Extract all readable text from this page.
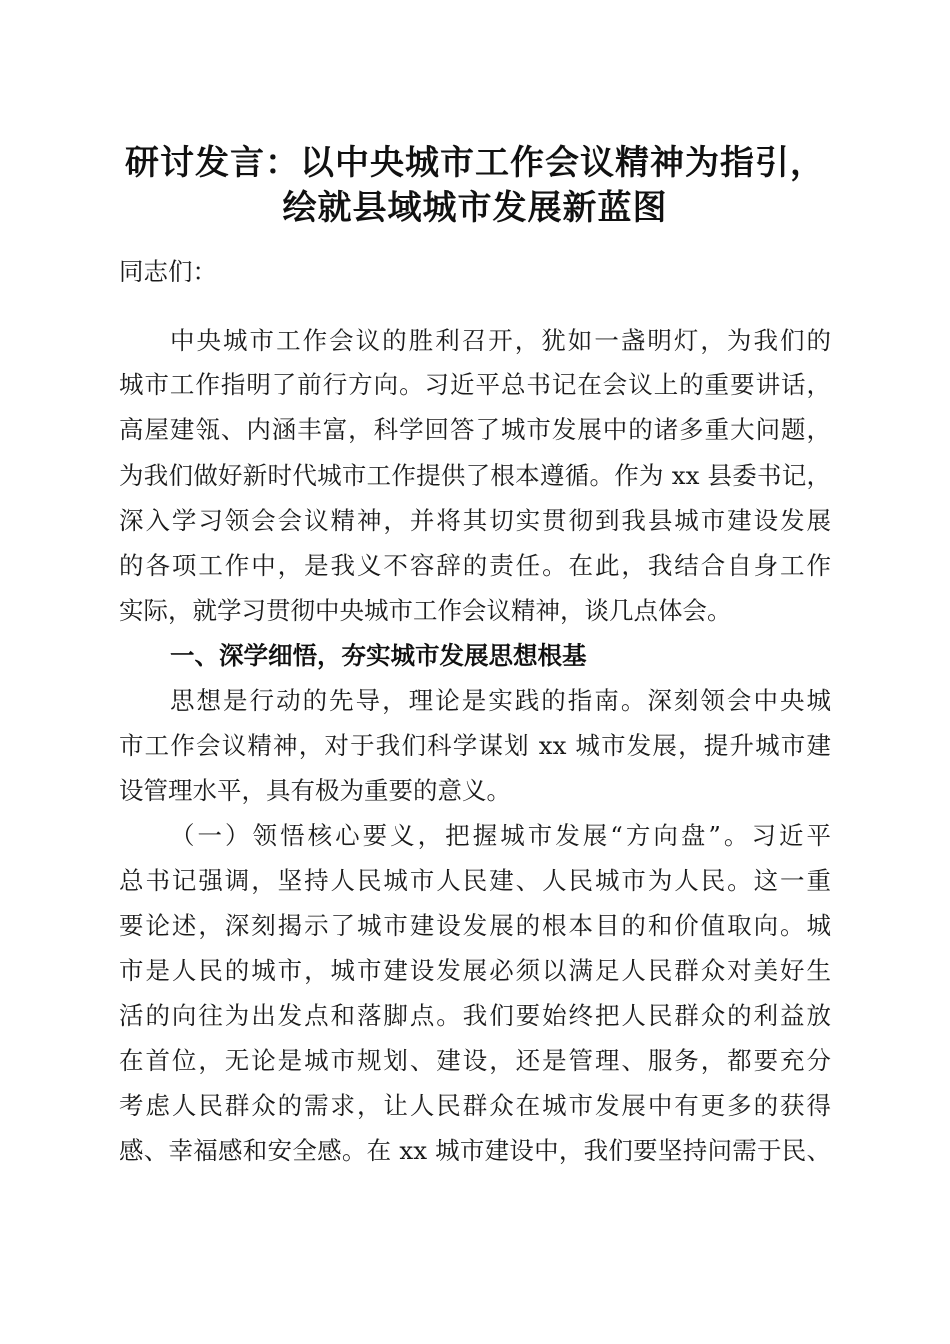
研讨发言：以中央城市工作会议精神为指引，
绘就县域城市发展新蓝图
同志们：
中央城市工作会议的胜利召开，犹如一盏明灯，为我们的
城市工作指明了前行方向。习近平总书记在会议上的重要讲话，
高屋建瓴、内涵丰富，科学回答了城市发展中的诸多重大问题，
为我们做好新时代城市工作提供了根本遵循。作为 xx 县委书记，
深入学习领会会议精神，并将其切实贯彻到我县城市建设发展
的各项工作中，是我义不容辞的责任。在此，我结合自身工作
实际，就学习贯彻中央城市工作会议精神，谈几点体会。
一、深学细悟，夯实城市发展思想根基
思想是行动的先导，理论是实践的指南。深刻领会中央城
市工作会议精神，对于我们科学谋划 xx 城市发展，提升城市建
设管理水平，具有极为重要的意义。
（一）领悟核心要义，把握城市发展“方向盘”。习近平
总书记强调，坚持人民城市人民建、人民城市为人民。这一重
要论述，深刻揭示了城市建设发展的根本目的和价值取向。城
市是人民的城市，城市建设发展必须以满足人民群众对美好生
活的向往为出发点和落脚点。我们要始终把人民群众的利益放
在首位，无论是城市规划、建设，还是管理、服务，都要充分
考虑人民群众的需求，让人民群众在城市发展中有更多的获得
感、幸福感和安全感。在 xx 城市建设中，我们要坚持问需于民、
